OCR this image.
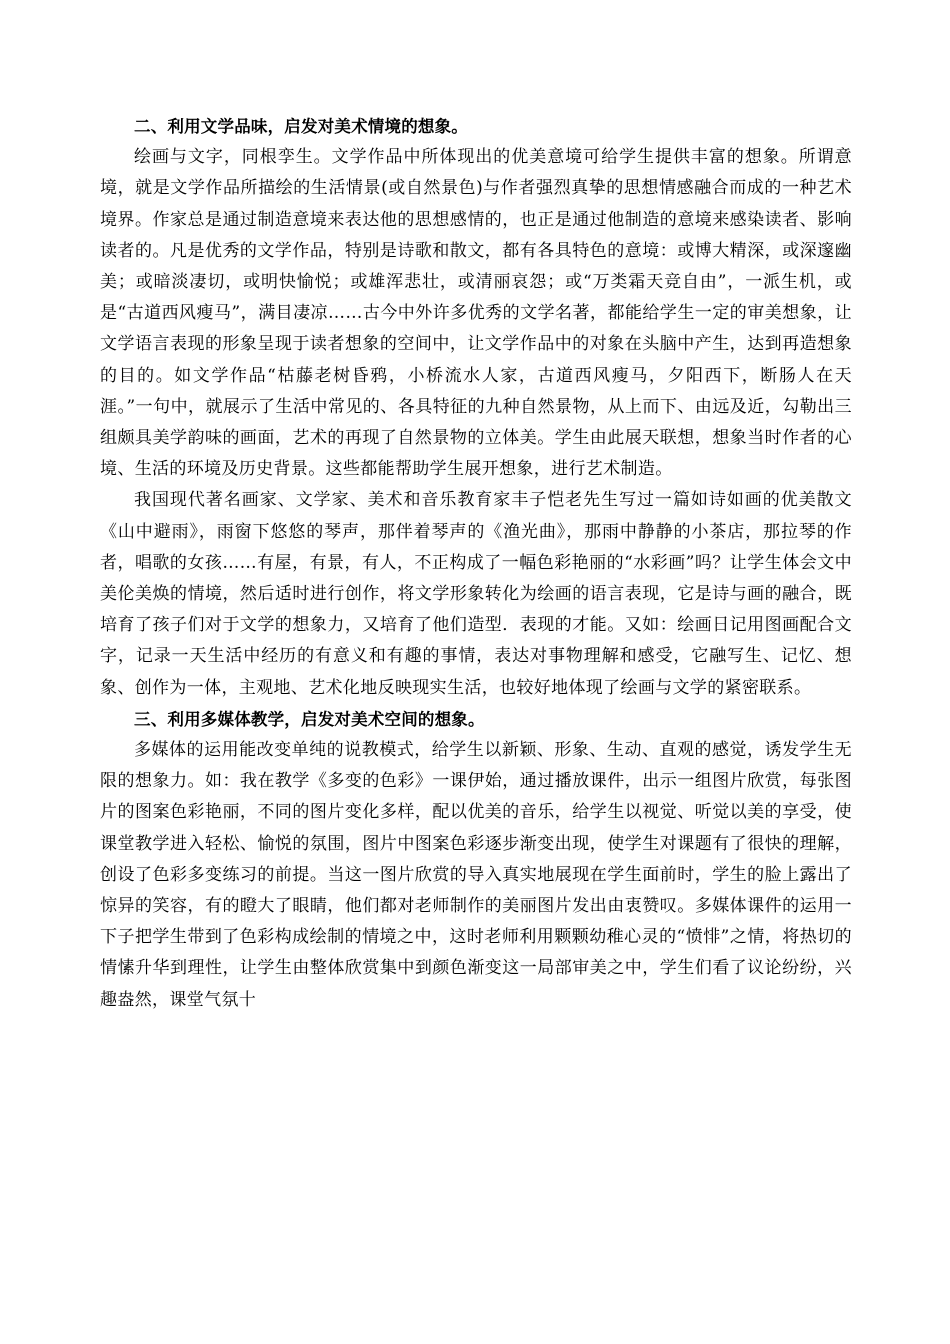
二、利用文学品味，启发对美术情境的想象。

绘画与文字，同根孪生。文学作品中所体现出的优美意境可给学生提供丰富的想象。所谓意境，就是文学作品所描绘的生活情景(或自然景色)与作者强烈真挚的思想情感融合而成的一种艺术境界。作家总是通过制造意境来表达他的思想感情的，也正是通过他制造的意境来感染读者、影响读者的。凡是优秀的文学作品，特别是诗歌和散文，都有各具特色的意境：或博大精深，或深邃幽美；或暗淡凄切，或明快愉悦；或雄浑悲壮，或清丽哀怨；或“万类霜天竞自由”，一派生机，或是“古道西风瘦马”，满目凄凉……古今中外许多优秀的文学名著，都能给学生一定的审美想象，让文学语言表现的形象呈现于读者想象的空间中，让文学作品中的对象在头脑中产生，达到再造想象的目的。如文学作品“枯藤老树昏鸦，小桥流水人家，古道西风瘦马，夕阳西下，断肠人在天涯。”一句中，就展示了生活中常见的、各具特征的九种自然景物，从上而下、由远及近，勾勒出三组颇具美学韵味的画面，艺术的再现了自然景物的立体美。学生由此展天联想，想象当时作者的心境、生活的环境及历史背景。这些都能帮助学生展开想象，进行艺术制造。

我国现代著名画家、文学家、美术和音乐教育家丰子恺老先生写过一篇如诗如画的优美散文《山中避雨》，雨窗下悠悠的琴声，那伴着琴声的《渔光曲》，那雨中静静的小茶店，那拉琴的作者，唱歌的女孩……有屋，有景，有人，不正构成了一幅色彩艳丽的“水彩画”吗？让学生体会文中美伦美焕的情境，然后适时进行创作，将文学形象转化为绘画的语言表现，它是诗与画的融合，既培育了孩子们对于文学的想象力，又培育了他们造型．表现的才能。又如：绘画日记用图画配合文字，记录一天生活中经历的有意义和有趣的事情，表达对事物理解和感受，它融写生、记忆、想象、创作为一体，主观地、艺术化地反映现实生活，也较好地体现了绘画与文学的紧密联系。

三、利用多媒体教学，启发对美术空间的想象。

多媒体的运用能改变单纯的说教模式，给学生以新颖、形象、生动、直观的感觉，诱发学生无限的想象力。如：我在教学《多变的色彩》一课伊始，通过播放课件，出示一组图片欣赏，每张图片的图案色彩艳丽，不同的图片变化多样，配以优美的音乐，给学生以视觉、听觉以美的享受，使课堂教学进入轻松、愉悦的氛围，图片中图案色彩逐步渐变出现，使学生对课题有了很快的理解，创设了色彩多变练习的前提。当这一图片欣赏的导入真实地展现在学生面前时，学生的脸上露出了惊异的笑容，有的瞪大了眼睛，他们都对老师制作的美丽图片发出由衷赞叹。多媒体课件的运用一下子把学生带到了色彩构成绘制的情境之中，这时老师利用颗颗幼稚心灵的“愤悱”之情，将热切的情愫升华到理性，让学生由整体欣赏集中到颜色渐变这一局部审美之中，学生们看了议论纷纷，兴趣盎然，课堂气氛十
